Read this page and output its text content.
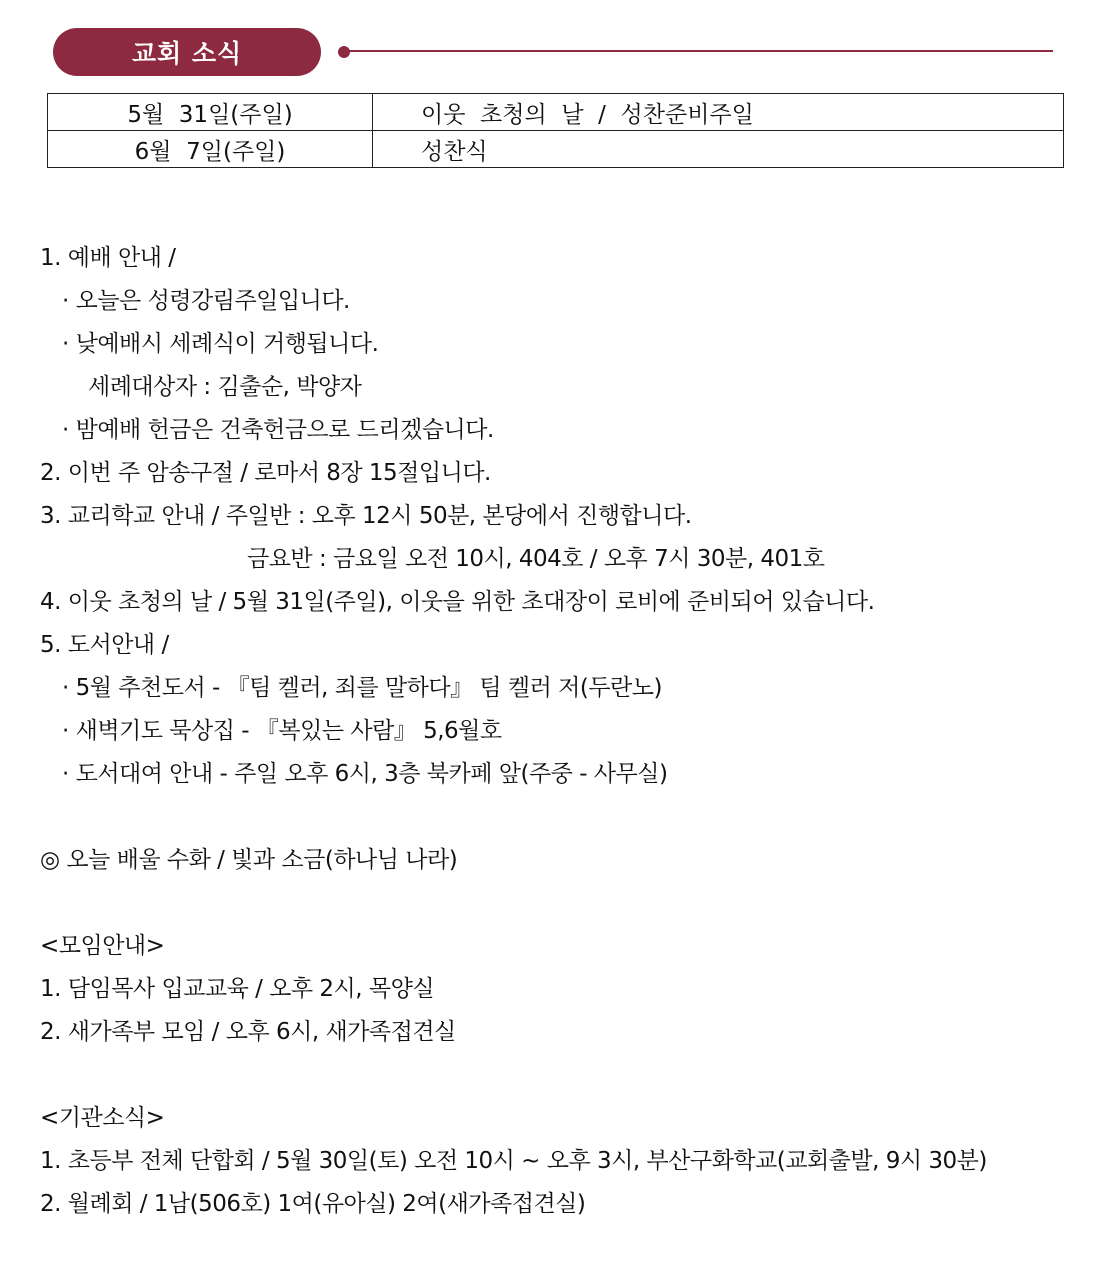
교회 소식
5월  31일(주일)	이웃  초청의  날  /  성찬준비주일
6월  7일(주일)	성찬식
1. 예배 안내 /
· 오늘은 성령강림주일입니다.
· 낮예배시 세례식이 거행됩니다.
세례대상자 : 김출순, 박양자
· 밤예배 헌금은 건축헌금으로 드리겠습니다.
2. 이번 주 암송구절 / 로마서 8장 15절입니다.
3. 교리학교 안내 / 주일반 : 오후 12시 50분, 본당에서 진행합니다.
금요반 : 금요일 오전 10시, 404호 / 오후 7시 30분, 401호
4. 이웃 초청의 날 / 5월 31일(주일), 이웃을 위한 초대장이 로비에 준비되어 있습니다.
5. 도서안내 /
· 5월 추천도서 - 『팀 켈러, 죄를 말하다』 팀 켈러 저(두란노)
· 새벽기도 묵상집 - 『복있는 사람』 5,6월호
· 도서대여 안내 - 주일 오후 6시, 3층 북카페 앞(주중 - 사무실)
◎ 오늘 배울 수화 / 빛과 소금(하나님 나라)
<모임안내>
1. 담임목사 입교교육 / 오후 2시, 목양실
2. 새가족부 모임 / 오후 6시, 새가족접견실
<기관소식>
1. 초등부 전체 단합회 / 5월 30일(토) 오전 10시 ~ 오후 3시, 부산구화학교(교회출발, 9시 30분)
2. 월례회 / 1남(506호) 1여(유아실) 2여(새가족접견실)
